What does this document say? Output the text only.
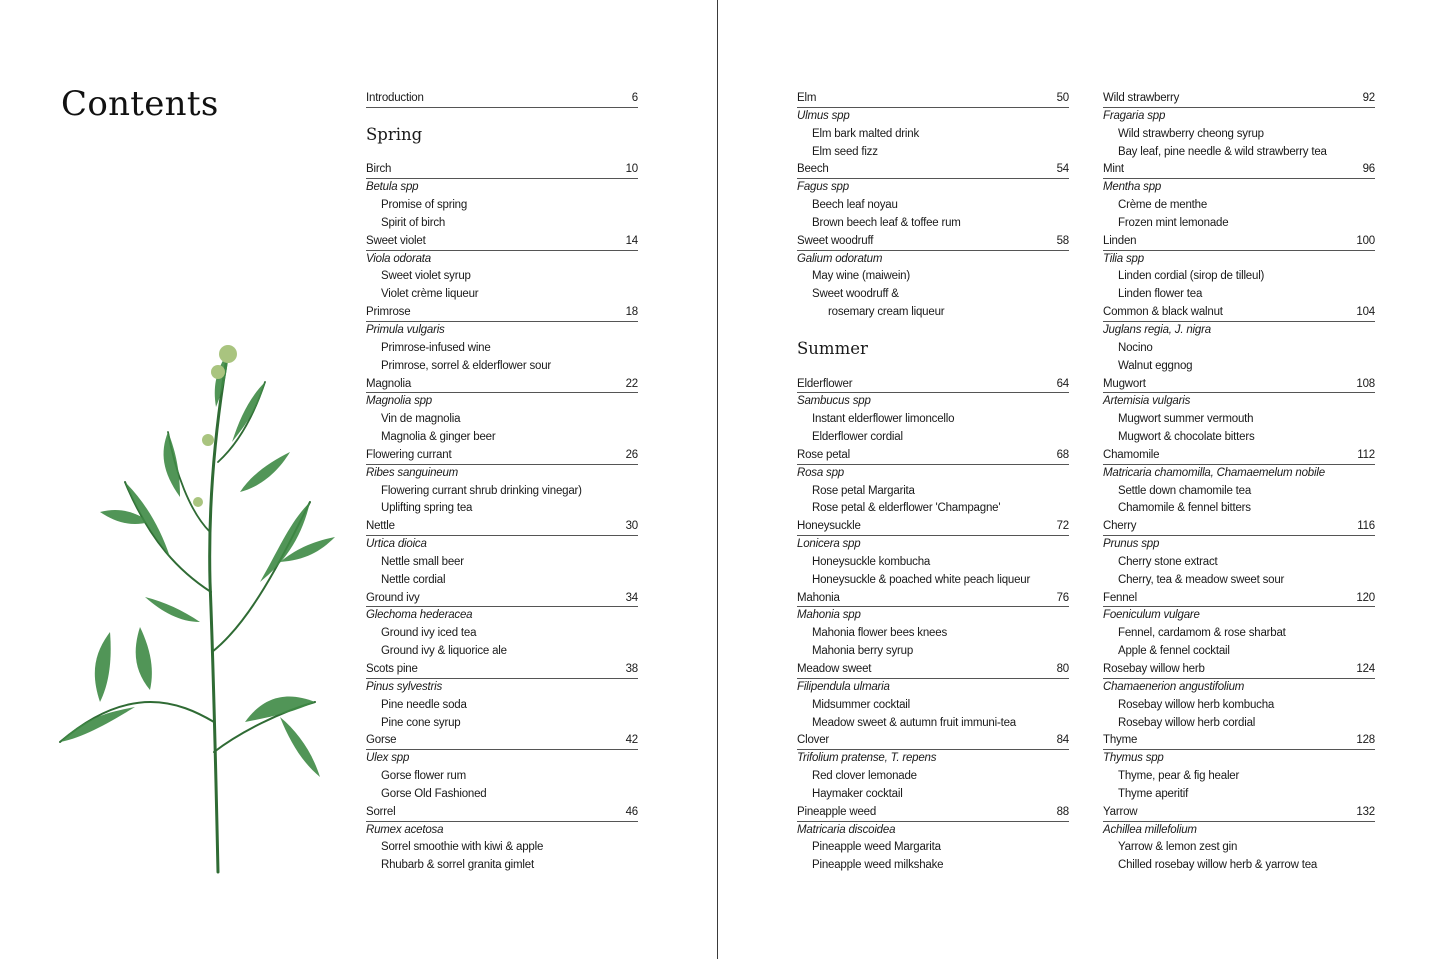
Contents	Introduction	6
Spring
Birch	10
Betula spp
Promise of spring
Spirit of birch
Sweet violet	14
Viola odorata
Sweet violet syrup
Violet crème liqueur
Primrose	18
Primula vulgaris
Primrose-infused wine
Primrose, sorrel & elderflower sour
Magnolia	22
Magnolia spp
Vin de magnolia
Magnolia & ginger beer
Flowering currant	26
Ribes sanguineum
Flowering currant shrub drinking vinegar)
Uplifting spring tea
Nettle	30
Urtica dioica
Nettle small beer
Nettle cordial
Ground ivy	34
Glechoma hederacea
Ground ivy iced tea
Ground ivy & liquorice ale
Scots pine	38
Pinus sylvestris
Pine needle soda
Pine cone syrup
Gorse	42
Ulex spp
Gorse flower rum
Gorse Old Fashioned
Sorrel	46
Rumex acetosa
Sorrel smoothie with kiwi & apple
Rhubarb & sorrel granita gimlet
Elm	50
Ulmus spp
Elm bark malted drink
Elm seed fizz
Beech	54
Fagus spp
Beech leaf noyau
Brown beech leaf & toffee rum
Sweet woodruff	58
Galium odoratum
May wine (maiwein)
Sweet woodruff &
rosemary cream liqueur
Summer
Elderflower	64
Sambucus spp
Instant elderflower limoncello
Elderflower cordial
Rose petal	68
Rosa spp
Rose petal Margarita
Rose petal & elderflower 'Champagne'
Honeysuckle	72
Lonicera spp
Honeysuckle kombucha
Honeysuckle & poached white peach liqueur
Mahonia	76
Mahonia spp
Mahonia flower bees knees
Mahonia berry syrup
Meadow sweet	80
Filipendula ulmaria
Midsummer cocktail
Meadow sweet & autumn fruit immuni-tea
Clover	84
Trifolium pratense, T. repens
Red clover lemonade
Haymaker cocktail
Pineapple weed	88
Matricaria discoidea
Pineapple weed Margarita
Pineapple weed milkshake
Wild strawberry	92
Fragaria spp
Wild strawberry cheong syrup
Bay leaf, pine needle & wild strawberry tea
Mint	96
Mentha spp
Crème de menthe
Frozen mint lemonade
Linden	100
Tilia spp
Linden cordial (sirop de tilleul)
Linden flower tea
Common & black walnut	104
Juglans regia, J. nigra
Nocino
Walnut eggnog
Mugwort	108
Artemisia vulgaris
Mugwort summer vermouth
Mugwort & chocolate bitters
Chamomile	112
Matricaria chamomilla, Chamaemelum nobile
Settle down chamomile tea
Chamomile & fennel bitters
Cherry	116
Prunus spp
Cherry stone extract
Cherry, tea & meadow sweet sour
Fennel	120
Foeniculum vulgare
Fennel, cardamom & rose sharbat
Apple & fennel cocktail
Rosebay willow herb	124
Chamaenerion angustifolium
Rosebay willow herb kombucha
Rosebay willow herb cordial
Thyme	128
Thymus spp
Thyme, pear & fig healer
Thyme aperitif
Yarrow	132
Achillea millefolium
Yarrow & lemon zest gin
Chilled rosebay willow herb & yarrow tea
